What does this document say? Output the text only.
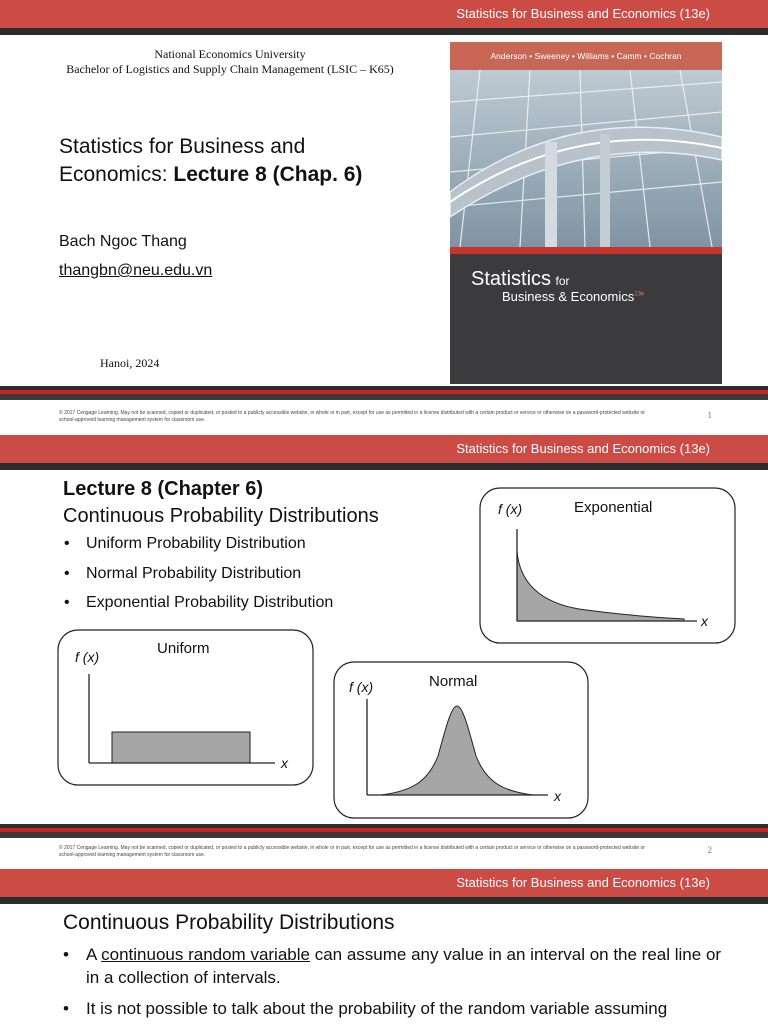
Statistics for Business and Economics (13e)
National Economics University
Bachelor of Logistics and Supply Chain Management (LSIC – K65)
Statistics for Business and
Economics: Lecture 8 (Chap. 6)
Bach Ngoc Thang
thangbn@neu.edu.vn
Hanoi, 2024
Anderson • Sweeney • Williams • Camm • Cochran
Statistics for
Business & Economics$^{13e}$
© 2017 Cengage Learning. May not be scanned, copied or duplicated, or posted to a publicly accessible website, in whole or in part, except for use as permitted in a license distributed with a certain product or service or otherwise on a password-protected website or school-approved learning management system for classroom use.	1
Statistics for Business and Economics (13e)
Lecture 8 (Chapter 6)
Continuous Probability Distributions
• Uniform Probability Distribution
• Normal Probability Distribution
• Exponential Probability Distribution
f (x)	Exponential
x
f (x)	Uniform
x
f (x)	Normal
x
© 2017 Cengage Learning. May not be scanned, copied or duplicated, or posted to a publicly accessible website, in whole or in part, except for use as permitted in a license distributed with a certain product or service or otherwise on a password-protected website or school-approved learning management system for classroom use.	2
Statistics for Business and Economics (13e)
Continuous Probability Distributions
• A continuous random variable can assume any value in an interval on the real line or in a collection of intervals.
• It is not possible to talk about the probability of the random variable assuming
